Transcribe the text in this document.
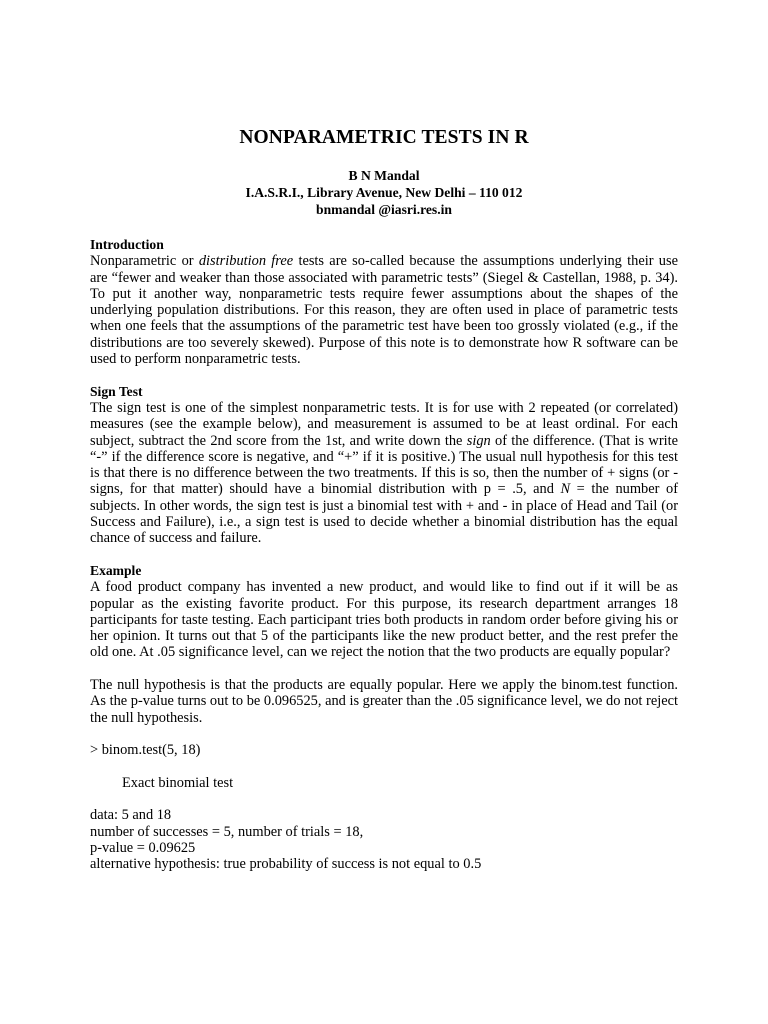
NONPARAMETRIC TESTS IN R
B N Mandal
I.A.S.R.I., Library Avenue, New Delhi – 110 012
bnmandal @iasri.res.in
Introduction

Nonparametric or distribution free tests are so-called because the assumptions underlying their use are “fewer and weaker than those associated with parametric tests” (Siegel & Castellan, 1988, p. 34). To put it another way, nonparametric tests require fewer assumptions about the shapes of the underlying population distributions. For this reason, they are often used in place of parametric tests when one feels that the assumptions of the parametric test have been too grossly violated (e.g., if the distributions are too severely skewed). Purpose of this note is to demonstrate how R software can be used to perform nonparametric tests.

Sign Test

The sign test is one of the simplest nonparametric tests. It is for use with 2 repeated (or correlated) measures (see the example below), and measurement is assumed to be at least ordinal. For each subject, subtract the 2nd score from the 1st, and write down the sign of the difference. (That is write “-” if the difference score is negative, and “+” if it is positive.) The usual null hypothesis for this test is that there is no difference between the two treatments. If this is so, then the number of + signs (or - signs, for that matter) should have a binomial distribution with p = .5, and N = the number of subjects. In other words, the sign test is just a binomial test with + and - in place of Head and Tail (or Success and Failure), i.e., a sign test is used to decide whether a binomial distribution has the equal chance of success and failure.

Example

A food product company has invented a new product, and would like to find out if it will be as popular as the existing favorite product. For this purpose, its research department arranges 18 participants for taste testing. Each participant tries both products in random order before giving his or her opinion. It turns out that 5 of the participants like the new product better, and the rest prefer the old one. At .05 significance level, can we reject the notion that the two products are equally popular?

The null hypothesis is that the products are equally popular. Here we apply the binom.test function. As the p-value turns out to be 0.096525, and is greater than the .05 significance level, we do not reject the null hypothesis.

> binom.test(5, 18)
Exact binomial test
data: 5 and 18
number of successes = 5, number of trials = 18,
p-value = 0.09625
alternative hypothesis: true probability of success is not equal to 0.5
